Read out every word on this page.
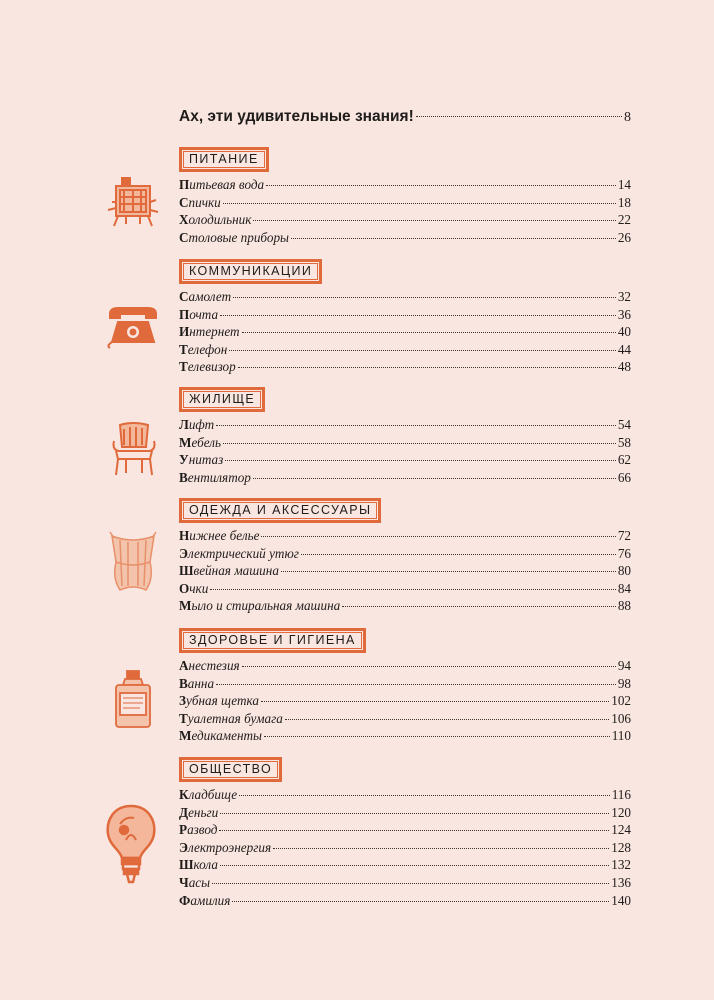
Ах, эти удивительные знания!	8
ПИТАНИЕ
Питьевая вода	14
Спички	18
Холодильник	22
Столовые приборы	26
КОММУНИКАЦИИ
Самолет	32
Почта	36
Интернет	40
Телефон	44
Телевизор	48
ЖИЛИЩЕ
Лифт	54
Мебель	58
Унитаз	62
Вентилятор	66
ОДЕЖДА И АКСЕССУАРЫ
Нижнее белье	72
Электрический утюг	76
Швейная машина	80
Очки	84
Мыло и стиральная машина	88
ЗДОРОВЬЕ И ГИГИЕНА
Анестезия	94
Ванна	98
Зубная щетка	102
Туалетная бумага	106
Медикаменты	110
ОБЩЕСТВО
Кладбище	116
Деньги	120
Развод	124
Электроэнергия	128
Школа	132
Часы	136
Фамилия	140
